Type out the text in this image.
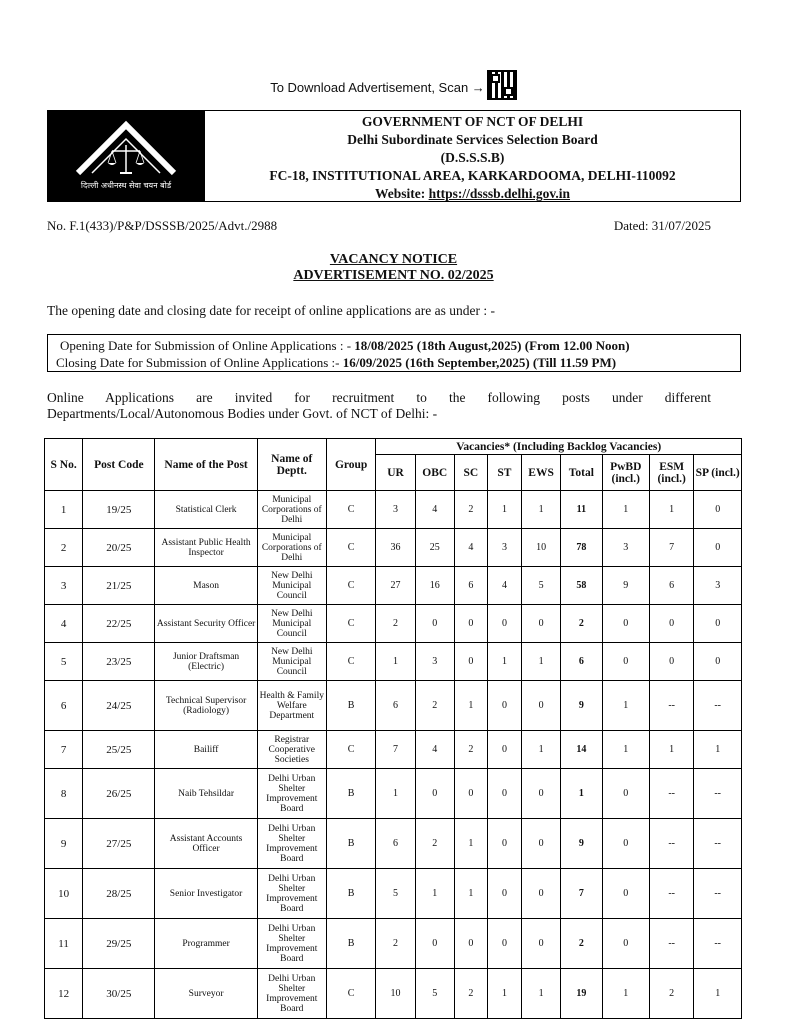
To Download Advertisement, Scan →
दिल्ली अधीनस्थ सेवा चयन बोर्ड
GOVERNMENT OF NCT OF DELHI
Delhi Subordinate Services Selection Board
(D.S.S.S.B)
FC-18, INSTITUTIONAL AREA, KARKARDOOMA, DELHI-110092
Website: https://dsssb.delhi.gov.in
No. F.1(433)/P&P/DSSSB/2025/Advt./2988	Dated: 31/07/2025
VACANCY NOTICE
ADVERTISEMENT NO. 02/2025
The opening date and closing date for receipt of online applications are as under : -
Opening Date for Submission of Online Applications : - 18/08/2025 (18th August,2025) (From 12.00 Noon)
Closing Date for Submission of Online Applications :- 16/09/2025 (16th September,2025) (Till 11.59 PM)
Online Applications are invited for recruitment to the following posts under different
Departments/Local/Autonomous Bodies under Govt. of NCT of Delhi: -
S No.	Post Code	Name of the Post	Name of Deptt.	Group	Vacancies* (Including Backlog Vacancies)								
					UR	OBC	SC	ST	EWS	Total	PwBD (incl.)	ESM (incl.)	SP (incl.)
1	19/25	Statistical Clerk	Municipal Corporations of Delhi	C	3	4	2	1	1	11	1	1	0
2	20/25	Assistant Public Health Inspector	Municipal Corporations of Delhi	C	36	25	4	3	10	78	3	7	0
3	21/25	Mason	New Delhi Municipal Council	C	27	16	6	4	5	58	9	6	3
4	22/25	Assistant Security Officer	New Delhi Municipal Council	C	2	0	0	0	0	2	0	0	0
5	23/25	Junior Draftsman (Electric)	New Delhi Municipal Council	C	1	3	0	1	1	6	0	0	0
6	24/25	Technical Supervisor (Radiology)	Health & Family Welfare Department	B	6	2	1	0	0	9	1	--	--
7	25/25	Bailiff	Registrar Cooperative Societies	C	7	4	2	0	1	14	1	1	1
8	26/25	Naib Tehsildar	Delhi Urban Shelter Improvement Board	B	1	0	0	0	0	1	0	--	--
9	27/25	Assistant Accounts Officer	Delhi Urban Shelter Improvement Board	B	6	2	1	0	0	9	0	--	--
10	28/25	Senior Investigator	Delhi Urban Shelter Improvement Board	B	5	1	1	0	0	7	0	--	--
11	29/25	Programmer	Delhi Urban Shelter Improvement Board	B	2	0	0	0	0	2	0	--	--
12	30/25	Surveyor	Delhi Urban Shelter Improvement Board	C	10	5	2	1	1	19	1	2	1
